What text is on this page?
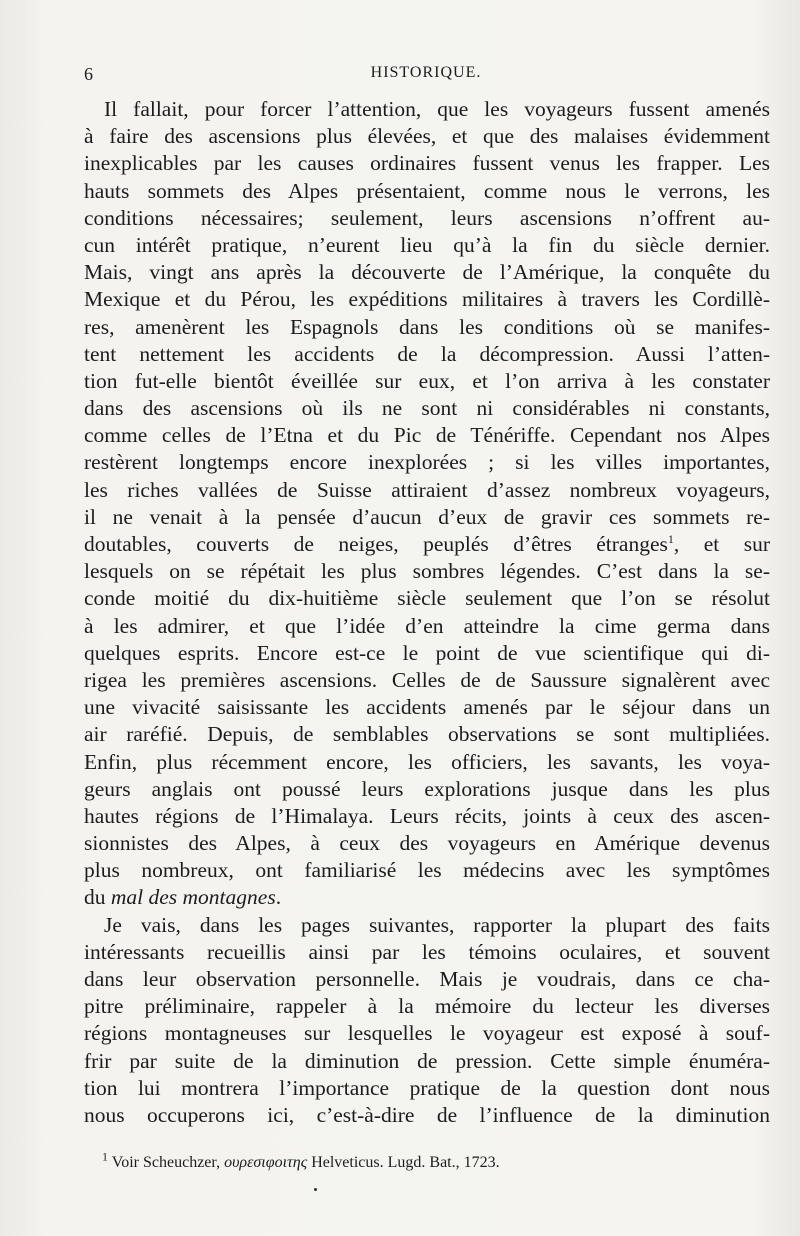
6	HISTORIQUE.
Il fallait, pour forcer l’attention, que les voyageurs fussent amenés
à faire des ascensions plus élevées, et que des malaises évidemment
inexplicables par les causes ordinaires fussent venus les frapper. Les
hauts sommets des Alpes présentaient, comme nous le verrons, les
conditions nécessaires; seulement, leurs ascensions n’offrent au-
cun intérêt pratique, n’eurent lieu qu’à la fin du siècle dernier.
Mais, vingt ans après la découverte de l’Amérique, la conquête du
Mexique et du Pérou, les expéditions militaires à travers les Cordillè-
res, amenèrent les Espagnols dans les conditions où se manifes-
tent nettement les accidents de la décompression. Aussi l’atten-
tion fut-elle bientôt éveillée sur eux, et l’on arriva à les constater
dans des ascensions où ils ne sont ni considérables ni constants,
comme celles de l’Etna et du Pic de Ténériffe. Cependant nos Alpes
restèrent longtemps encore inexplorées ; si les villes importantes,
les riches vallées de Suisse attiraient d’assez nombreux voyageurs,
il ne venait à la pensée d’aucun d’eux de gravir ces sommets re-
doutables, couverts de neiges, peuplés d’êtres étranges$^1$, et sur
lesquels on se répétait les plus sombres légendes. C’est dans la se-
conde moitié du dix-huitième siècle seulement que l’on se résolut
à les admirer, et que l’idée d’en atteindre la cime germa dans
quelques esprits. Encore est-ce le point de vue scientifique qui di-
rigea les premières ascensions. Celles de de Saussure signalèrent avec
une vivacité saisissante les accidents amenés par le séjour dans un
air raréfié. Depuis, de semblables observations se sont multipliées.
Enfin, plus récemment encore, les officiers, les savants, les voya-
geurs anglais ont poussé leurs explorations jusque dans les plus
hautes régions de l’Himalaya. Leurs récits, joints à ceux des ascen-
sionnistes des Alpes, à ceux des voyageurs en Amérique devenus
plus nombreux, ont familiarisé les médecins avec les symptômes
du mal des montagnes.
Je vais, dans les pages suivantes, rapporter la plupart des faits
intéressants recueillis ainsi par les témoins oculaires, et souvent
dans leur observation personnelle. Mais je voudrais, dans ce cha-
pitre préliminaire, rappeler à la mémoire du lecteur les diverses
régions montagneuses sur lesquelles le voyageur est exposé à souf-
frir par suite de la diminution de pression. Cette simple énuméra-
tion lui montrera l’importance pratique de la question dont nous
nous occuperons ici, c’est-à-dire de l’influence de la diminution
$^1$ Voir Scheuchzer, ουρεσιφοιτης Helveticus. Lugd. Bat., 1723.
